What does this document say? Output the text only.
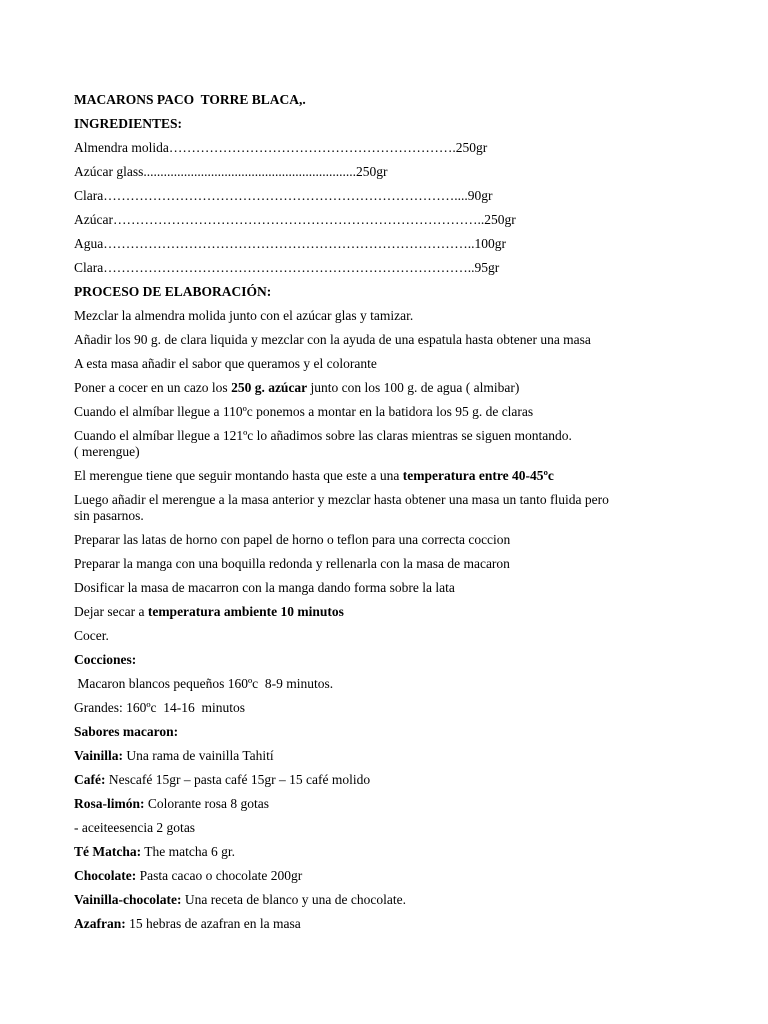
MACARONS PACO  TORRE BLACA,.
INGREDIENTES:
Almendra molida……………………………………………………….250gr
Azúcar glass...............................................................250gr
Clara……………………………………………………………………....90gr
Azúcar………………………………………………………………………..250gr
Agua………………………………………………………………………..100gr
Clara………………………………………………………………………..95gr
PROCESO DE ELABORACIÓN:
Mezclar la almendra molida junto con el azúcar glas y tamizar.
Añadir los 90 g. de clara liquida y mezclar con la ayuda de una espatula hasta obtener una masa
A esta masa añadir el sabor que queramos y el colorante
Poner a cocer en un cazo los 250 g. azúcar junto con los 100 g. de agua ( almibar)
Cuando el almíbar llegue a 110ºc ponemos a montar en la batidora los 95 g. de claras
Cuando el almíbar llegue a 121ºc lo añadimos sobre las claras mientras se siguen montando.
( merengue)
El merengue tiene que seguir montando hasta que este a una temperatura entre 40-45ºc
Luego añadir el merengue a la masa anterior y mezclar hasta obtener una masa un tanto fluida pero
sin pasarnos.
Preparar las latas de horno con papel de horno o teflon para una correcta coccion
Preparar la manga con una boquilla redonda y rellenarla con la masa de macaron
Dosificar la masa de macarron con la manga dando forma sobre la lata
Dejar secar a temperatura ambiente 10 minutos
Cocer.
Cocciones:
Macaron blancos pequeños 160ºc  8-9 minutos.
Grandes: 160ºc  14-16  minutos
Sabores macaron:
Vainilla: Una rama de vainilla Tahití
Café: Nescafé 15gr – pasta café 15gr – 15 café molido
Rosa-limón: Colorante rosa 8 gotas
- aceiteesencia 2 gotas
Té Matcha: The matcha 6 gr.
Chocolate: Pasta cacao o chocolate 200gr
Vainilla-chocolate: Una receta de blanco y una de chocolate.
Azafran: 15 hebras de azafran en la masa
